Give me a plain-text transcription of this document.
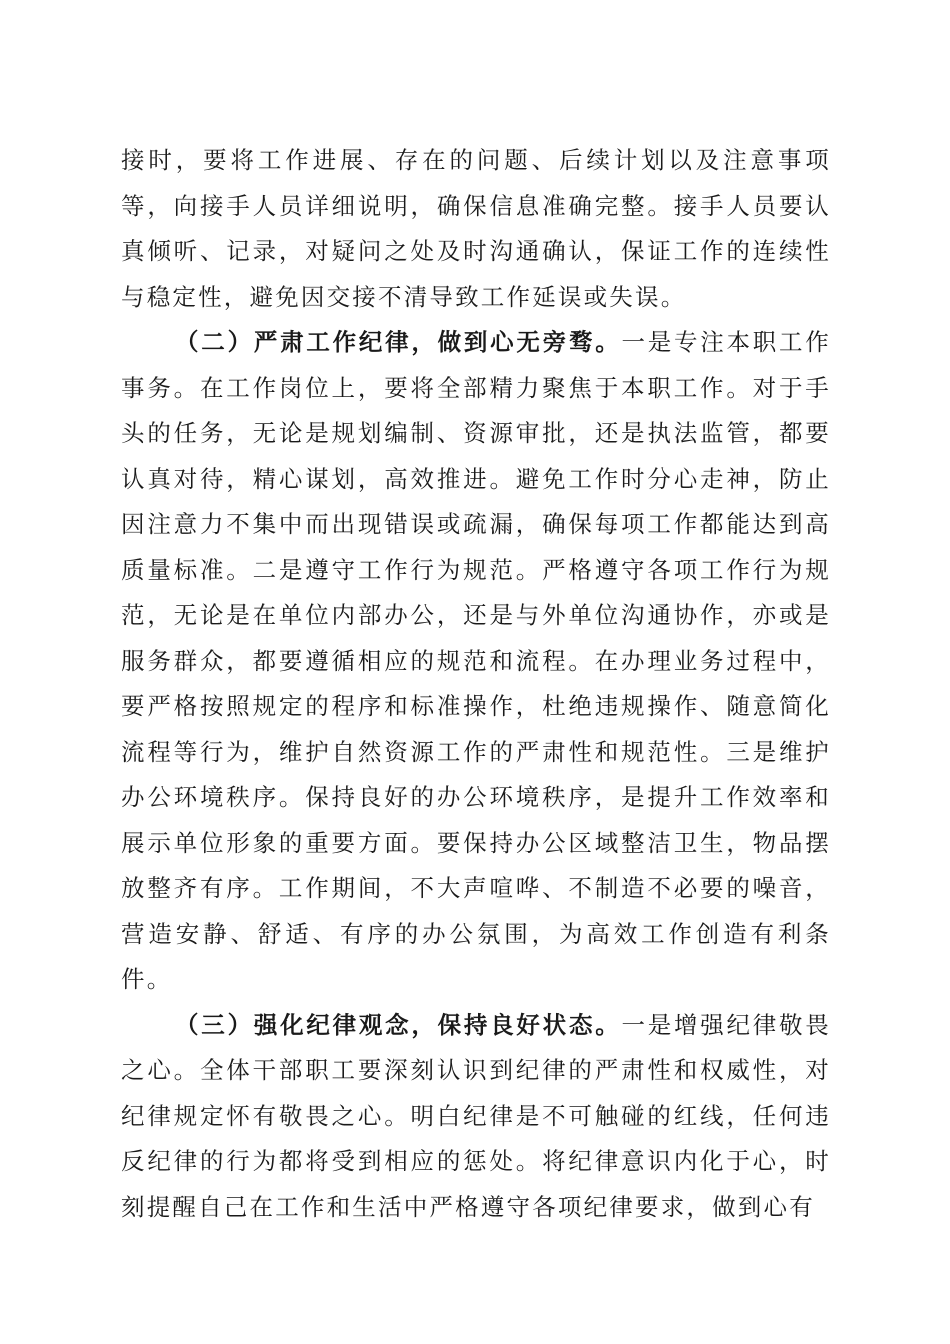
接时，要将工作进展、存在的问题、后续计划以及注意事项等，向接手人员详细说明，确保信息准确完整。接手人员要认真倾听、记录，对疑问之处及时沟通确认，保证工作的连续性与稳定性，避免因交接不清导致工作延误或失误。

（二）严肃工作纪律，做到心无旁骛。一是专注本职工作事务。在工作岗位上，要将全部精力聚焦于本职工作。对于手头的任务，无论是规划编制、资源审批，还是执法监管，都要认真对待，精心谋划，高效推进。避免工作时分心走神，防止因注意力不集中而出现错误或疏漏，确保每项工作都能达到高质量标准。二是遵守工作行为规范。严格遵守各项工作行为规范，无论是在单位内部办公，还是与外单位沟通协作，亦或是服务群众，都要遵循相应的规范和流程。在办理业务过程中，要严格按照规定的程序和标准操作，杜绝违规操作、随意简化流程等行为，维护自然资源工作的严肃性和规范性。三是维护办公环境秩序。保持良好的办公环境秩序，是提升工作效率和展示单位形象的重要方面。要保持办公区域整洁卫生，物品摆放整齐有序。工作期间，不大声喧哗、不制造不必要的噪音，营造安静、舒适、有序的办公氛围，为高效工作创造有利条件。

（三）强化纪律观念，保持良好状态。一是增强纪律敬畏之心。全体干部职工要深刻认识到纪律的严肃性和权威性，对纪律规定怀有敬畏之心。明白纪律是不可触碰的红线，任何违反纪律的行为都将受到相应的惩处。将纪律意识内化于心，时刻提醒自己在工作和生活中严格遵守各项纪律要求，做到心有
